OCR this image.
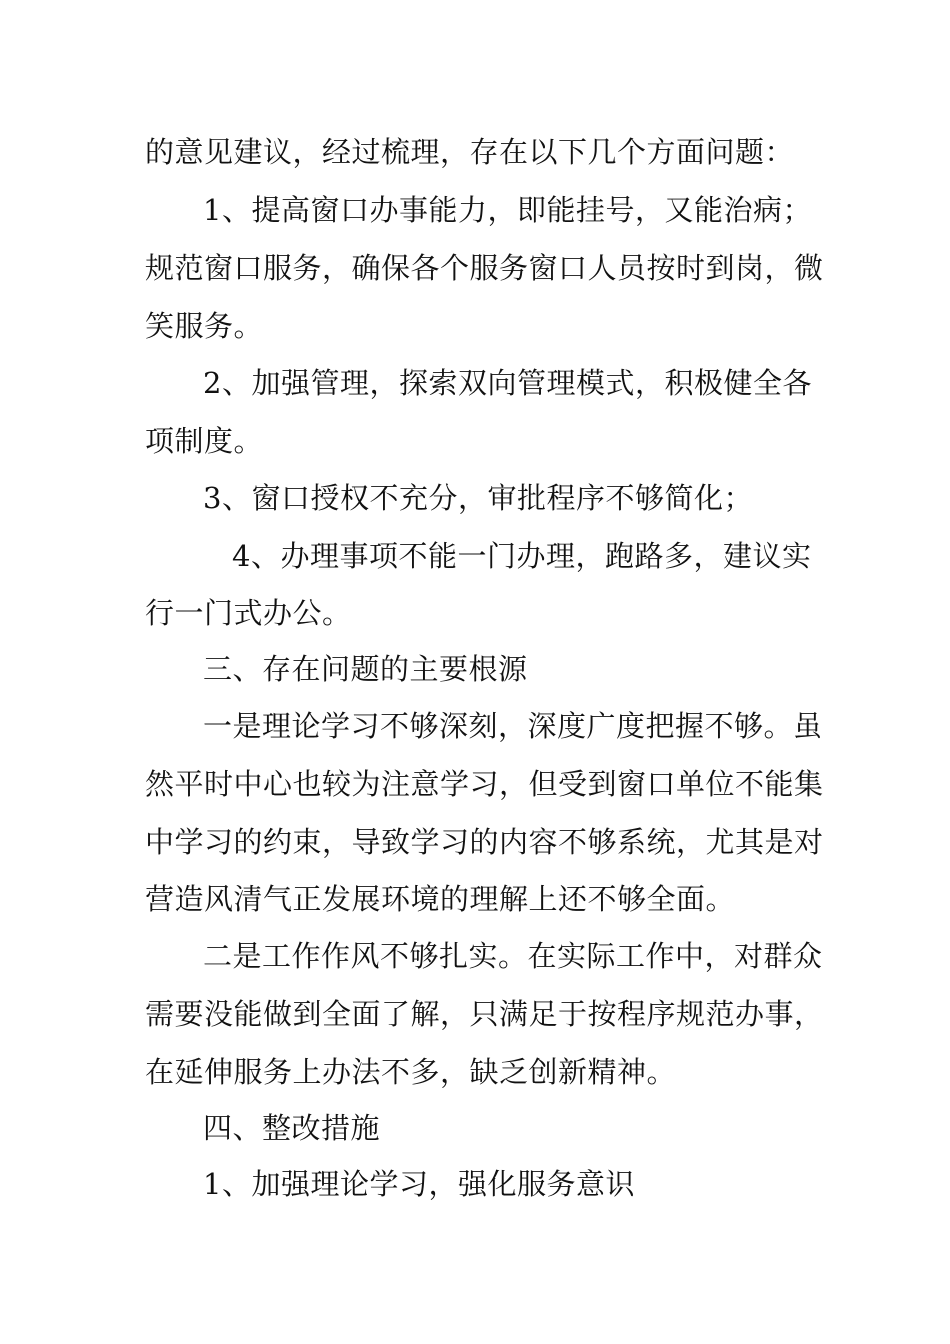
的意见建议，经过梳理，存在以下几个方面问题：
1、提高窗口办事能力，即能挂号，又能治病；
规范窗口服务，确保各个服务窗口人员按时到岗，微
笑服务。
2、加强管理，探索双向管理模式，积极健全各
项制度。
3、窗口授权不充分，审批程序不够简化；
4、办理事项不能一门办理，跑路多，建议实
行一门式办公。
三、存在问题的主要根源
一是理论学习不够深刻，深度广度把握不够。虽
然平时中心也较为注意学习，但受到窗口单位不能集
中学习的约束，导致学习的内容不够系统，尤其是对
营造风清气正发展环境的理解上还不够全面。
二是工作作风不够扎实。在实际工作中，对群众
需要没能做到全面了解，只满足于按程序规范办事，
在延伸服务上办法不多，缺乏创新精神。
四、整改措施
1、加强理论学习，强化服务意识
